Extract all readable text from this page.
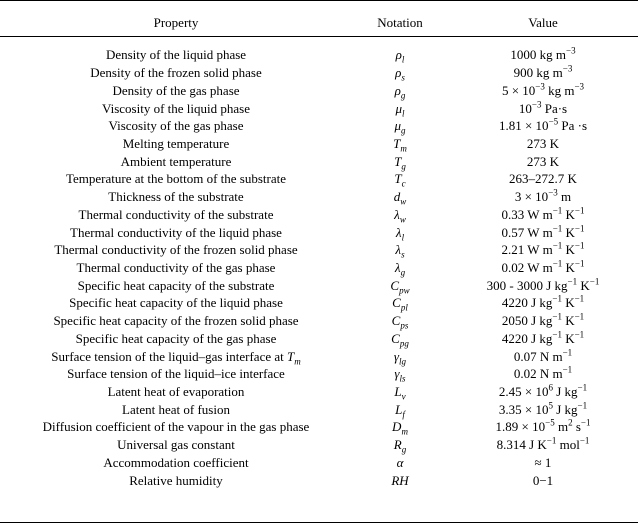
Property	Notation	Value
Density of the liquid phase	$\rho_l$	1000 kg $m^{-3}$
Density of the frozen solid phase	$\rho_s$	900 kg $m^{-3}$
Density of the gas phase	$\rho_g$	$5 \times 10^{-3}$ kg $m^{-3}$
Viscosity of the liquid phase	$\mu_l$	$10^{-3}$ Pa·s
Viscosity of the gas phase	$\mu_g$	$1.81 \times 10^{-5}$ Pa ·s
Melting temperature	$T_m$	273 K
Ambient temperature	$T_g$	273 K
Temperature at the bottom of the substrate	$T_c$	263–272.7 K
Thickness of the substrate	$d_w$	$3 \times 10^{-3}$ m
Thermal conductivity of the substrate	$\lambda_w$	0.33 W $m^{-1}$ $K^{-1}$
Thermal conductivity of the liquid phase	$\lambda_l$	0.57 W $m^{-1}$ $K^{-1}$
Thermal conductivity of the frozen solid phase	$\lambda_s$	2.21 W $m^{-1}$ $K^{-1}$
Thermal conductivity of the gas phase	$\lambda_g$	0.02 W $m^{-1}$ $K^{-1}$
Specific heat capacity of the substrate	$C_{pw}$	300 - 3000 J $kg^{-1}$ $K^{-1}$
Specific heat capacity of the liquid phase	$C_{pl}$	4220 J $kg^{-1}$ $K^{-1}$
Specific heat capacity of the frozen solid phase	$C_{ps}$	2050 J $kg^{-1}$ $K^{-1}$
Specific heat capacity of the gas phase	$C_{pg}$	4220 J $kg^{-1}$ $K^{-1}$
Surface tension of the liquid–gas interface at $T_m$	$\gamma_{lg}$	0.07 N $m^{-1}$
Surface tension of the liquid–ice interface	$\gamma_{ls}$	0.02 N $m^{-1}$
Latent heat of evaporation	$L_v$	$2.45 \times 10^6$ J $kg^{-1}$
Latent heat of fusion	$L_f$	$3.35 \times 10^5$ J $kg^{-1}$
Diffusion coefficient of the vapour in the gas phase	$D_m$	$1.89 \times 10^{-5}$ $m^2$ $s^{-1}$
Universal gas constant	$R_g$	8.314 J $K^{-1}$ mol$^{-1}$
Accommodation coefficient	α	≈ 1
Relative humidity	RH	0−1
